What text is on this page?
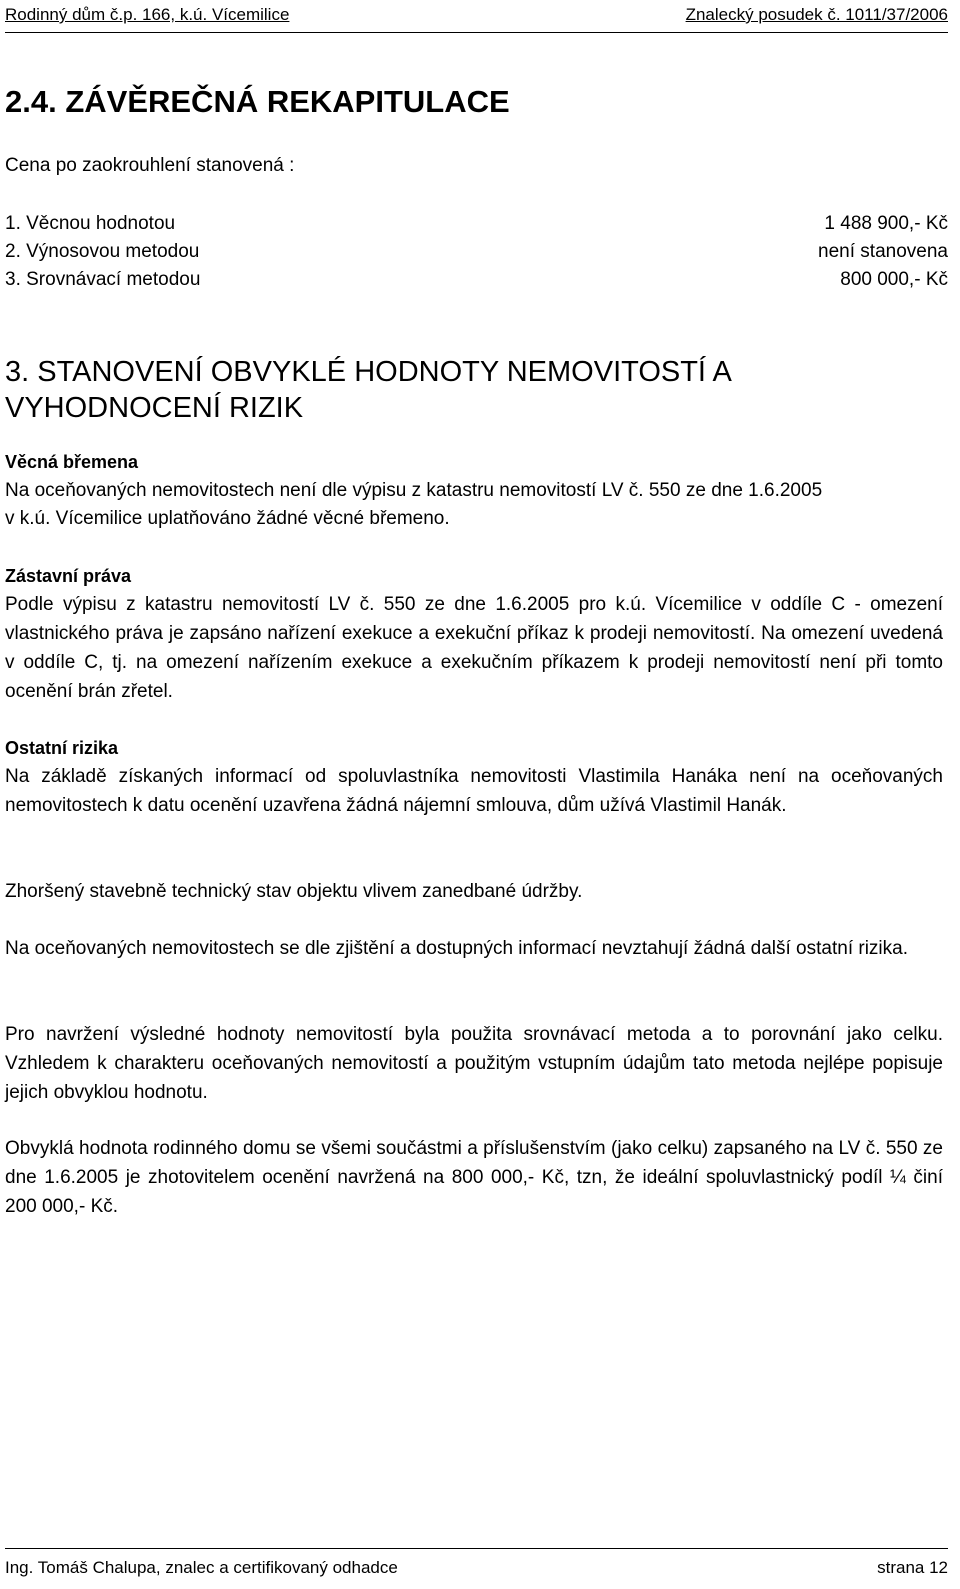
Rodinný dům č.p. 166, k.ú. Vícemilice	Znalecký posudek č. 1011/37/2006
2.4. ZÁVĚREČNÁ REKAPITULACE
Cena po zaokrouhlení stanovená :
1. Věcnou hodnotou	1 488 900,- Kč
2. Výnosovou metodou	není stanovena
3. Srovnávací metodou	800 000,- Kč
3. STANOVENÍ OBVYKLÉ HODNOTY NEMOVITOSTÍ A
VYHODNOCENÍ RIZIK
Věcná břemena
Na oceňovaných nemovitostech není dle výpisu z katastru nemovitostí LV č. 550 ze dne 1.6.2005
v k.ú. Vícemilice uplatňováno žádné věcné břemeno.
Zástavní práva
Podle výpisu z katastru nemovitostí LV č. 550 ze dne 1.6.2005 pro k.ú. Vícemilice v oddíle C - omezení vlastnického práva je zapsáno nařízení exekuce a exekuční příkaz k prodeji nemovitostí. Na omezení uvedená v oddíle C, tj. na omezení nařízením exekuce a exekučním příkazem k prodeji nemovitostí není při tomto ocenění brán zřetel.
Ostatní rizika
Na základě získaných informací od spoluvlastníka nemovitosti Vlastimila Hanáka není na oceňovaných nemovitostech k datu ocenění uzavřena žádná nájemní smlouva, dům užívá Vlastimil Hanák.
Zhoršený stavebně technický stav objektu vlivem zanedbané údržby.
Na oceňovaných nemovitostech se dle zjištění a dostupných informací nevztahují žádná další ostatní rizika.
Pro navržení výsledné hodnoty nemovitostí byla použita srovnávací metoda a to porovnání jako celku. Vzhledem k charakteru oceňovaných nemovitostí a použitým vstupním údajům tato metoda nejlépe popisuje jejich obvyklou hodnotu.
Obvyklá hodnota rodinného domu se všemi součástmi a příslušenstvím (jako celku) zapsaného na LV č. 550 ze dne 1.6.2005 je zhotovitelem ocenění navržená na 800 000,- Kč, tzn, že ideální spoluvlastnický podíl ¼ činí 200 000,- Kč.
Ing. Tomáš Chalupa, znalec a certifikovaný odhadce	strana 12
